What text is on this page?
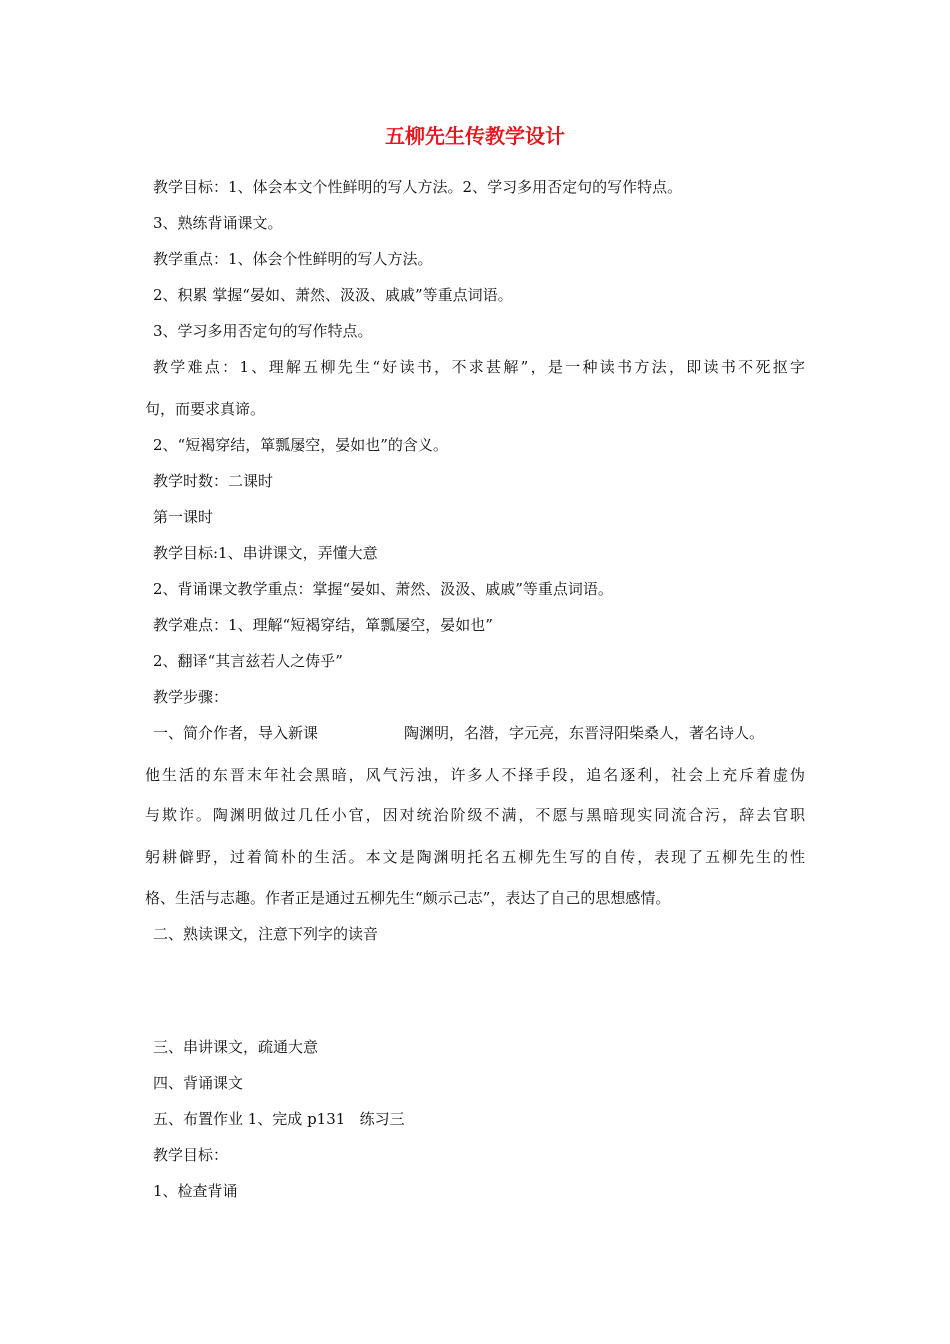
五柳先生传教学设计
教学目标：1、体会本文个性鲜明的写人方法。2、学习多用否定句的写作特点。
3、熟练背诵课文。
教学重点：1、体会个性鲜明的写人方法。
2、积累 掌握“晏如、萧然、汲汲、戚戚”等重点词语。
3、学习多用否定句的写作特点。
教学难点：1、理解五柳先生“好读书，不求甚解”，是一种读书方法，即读书不死抠字
句，而要求真谛。
2、“短褐穿结，箪瓢屡空，晏如也”的含义。
教学时数：二课时
第一课时
教学目标:1、串讲课文，弄懂大意
2、背诵课文教学重点：掌握“晏如、萧然、汲汲、戚戚”等重点词语。
教学难点：1、理解“短褐穿结，箪瓢屡空，晏如也”
2、翻译“其言兹若人之俦乎”
教学步骤：
一、简介作者，导入新课	陶渊明，名潜，字元亮，东晋浔阳柴桑人，著名诗人。
他生活的东晋末年社会黑暗，风气污浊，许多人不择手段，追名逐利，社会上充斥着虚伪
与欺诈。陶渊明做过几任小官，因对统治阶级不满，不愿与黑暗现实同流合污，辞去官职
躬耕僻野，过着简朴的生活。本文是陶渊明托名五柳先生写的自传，表现了五柳先生的性
格、生活与志趣。作者正是通过五柳先生“颇示己志”，表达了自己的思想感情。
二、熟读课文，注意下列字的读音
三、串讲课文，疏通大意
四、背诵课文
五、布置作业 1、完成 p131   练习三
教学目标：
1、检查背诵
